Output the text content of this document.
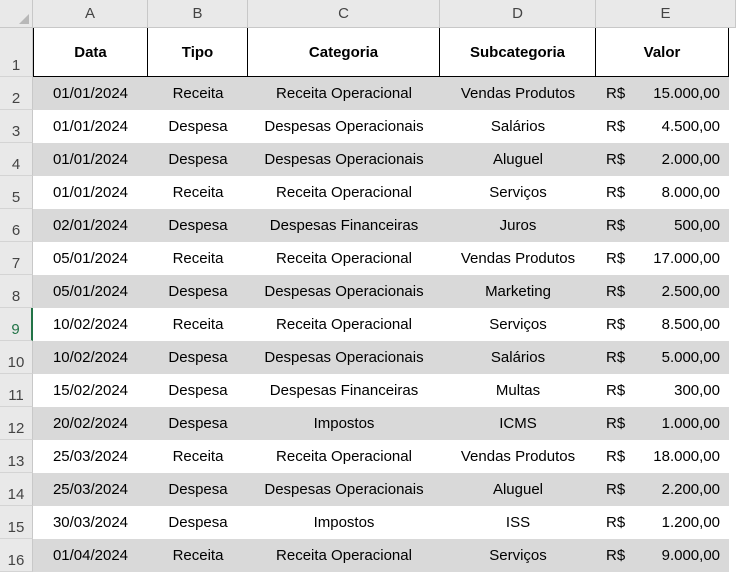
A	B	C	D	E
1
2
3
4
5
6
7
8
9
10
11
12
13
14
15
16
Data	Tipo	Categoria	Subcategoria	Valor
01/01/2024	Receita	Receita Operacional	Vendas Produtos	R$	15.000,00
01/01/2024	Despesa	Despesas Operacionais	Salários	R$	4.500,00
01/01/2024	Despesa	Despesas Operacionais	Aluguel	R$	2.000,00
01/01/2024	Receita	Receita Operacional	Serviços	R$	8.000,00
02/01/2024	Despesa	Despesas Financeiras	Juros	R$	500,00
05/01/2024	Receita	Receita Operacional	Vendas Produtos	R$	17.000,00
05/01/2024	Despesa	Despesas Operacionais	Marketing	R$	2.500,00
10/02/2024	Receita	Receita Operacional	Serviços	R$	8.500,00
10/02/2024	Despesa	Despesas Operacionais	Salários	R$	5.000,00
15/02/2024	Despesa	Despesas Financeiras	Multas	R$	300,00
20/02/2024	Despesa	Impostos	ICMS	R$	1.000,00
25/03/2024	Receita	Receita Operacional	Vendas Produtos	R$	18.000,00
25/03/2024	Despesa	Despesas Operacionais	Aluguel	R$	2.200,00
30/03/2024	Despesa	Impostos	ISS	R$	1.200,00
01/04/2024	Receita	Receita Operacional	Serviços	R$	9.000,00
